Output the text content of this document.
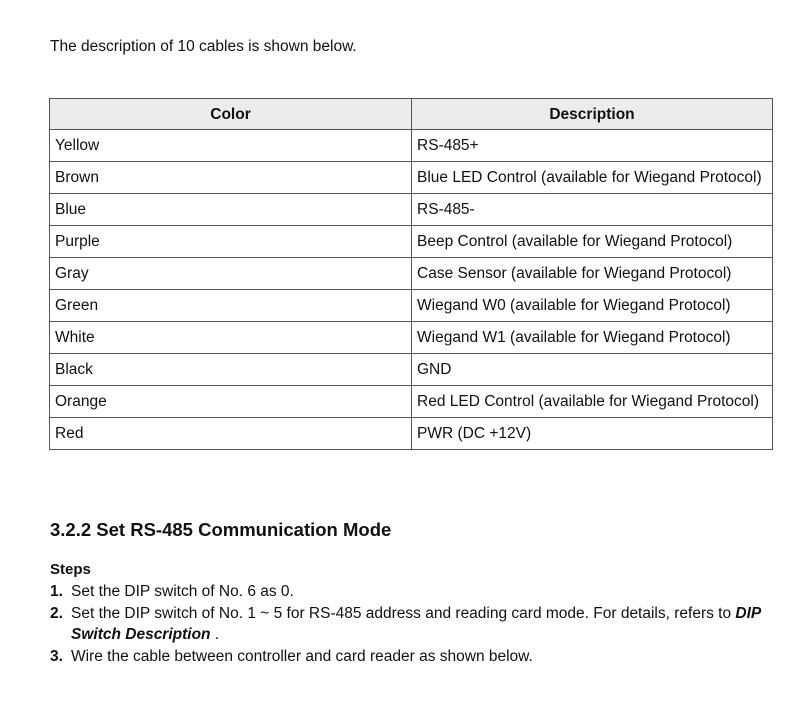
The description of 10 cables is shown below.

Color	Description
Yellow	RS-485+
Brown	Blue LED Control (available for Wiegand Protocol)
Blue	RS-485-
Purple	Beep Control (available for Wiegand Protocol)
Gray	Case Sensor (available for Wiegand Protocol)
Green	Wiegand W0 (available for Wiegand Protocol)
White	Wiegand W1 (available for Wiegand Protocol)
Black	GND
Orange	Red LED Control (available for Wiegand Protocol)
Red	PWR (DC +12V)
3.2.2 Set RS-485 Communication Mode

Steps

1. Set the DIP switch of No. 6 as 0.
2. Set the DIP switch of No. 1 ~ 5 for RS-485 address and reading card mode. For details, refers to DIP Switch Description .
3. Wire the cable between controller and card reader as shown below.
